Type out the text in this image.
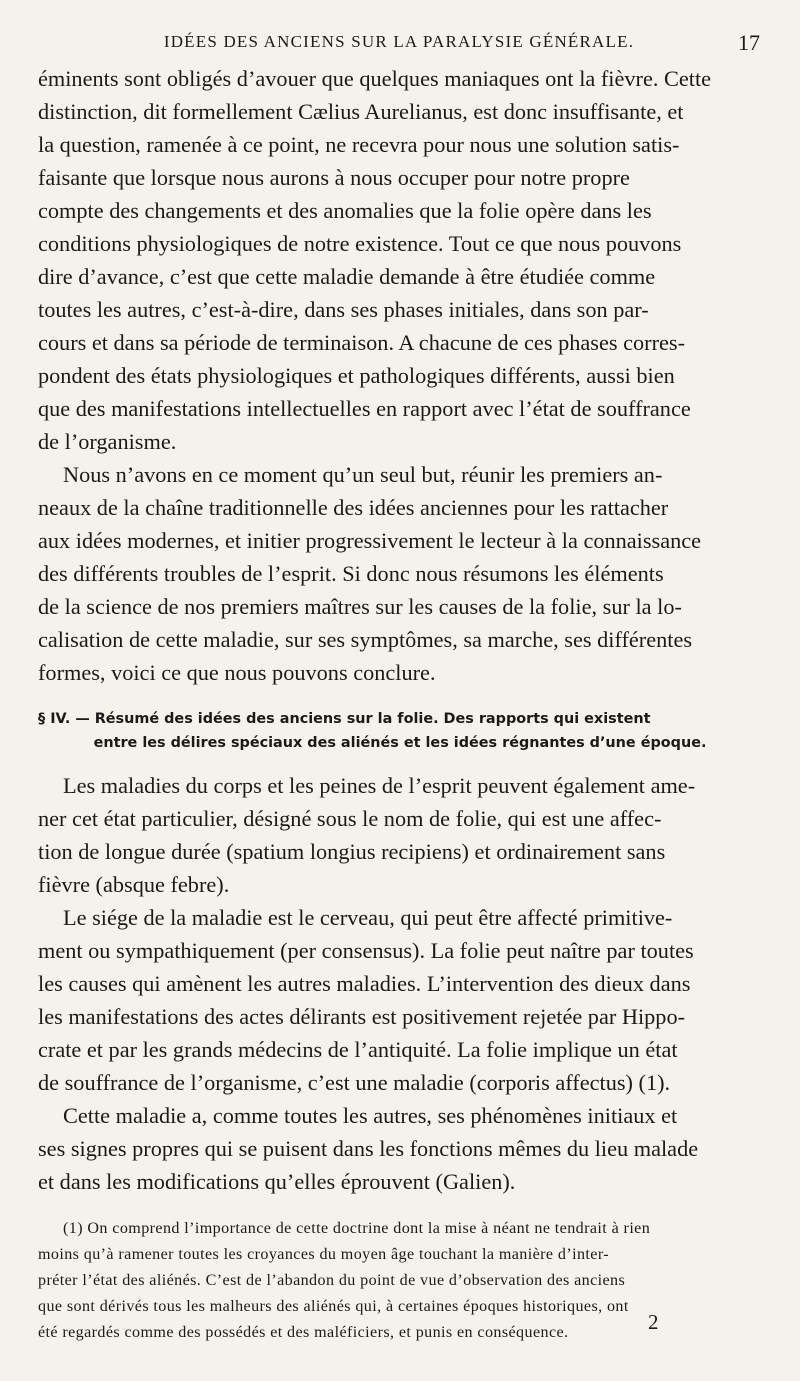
IDÉES DES ANCIENS SUR LA PARALYSIE GÉNÉRALE.	17

éminents sont obligés d’avouer que quelques maniaques ont la fièvre. Cette
distinction, dit formellement Cælius Aurelianus, est donc insuffisante, et
la question, ramenée à ce point, ne recevra pour nous une solution satis-
faisante que lorsque nous aurons à nous occuper pour notre propre
compte des changements et des anomalies que la folie opère dans les
conditions physiologiques de notre existence. Tout ce que nous pouvons
dire d’avance, c’est que cette maladie demande à être étudiée comme
toutes les autres, c’est-à-dire, dans ses phases initiales, dans son par-
cours et dans sa période de terminaison. A chacune de ces phases corres-
pondent des états physiologiques et pathologiques différents, aussi bien
que des manifestations intellectuelles en rapport avec l’état de souffrance
de l’organisme.

Nous n’avons en ce moment qu’un seul but, réunir les premiers an-
neaux de la chaîne traditionnelle des idées anciennes pour les rattacher
aux idées modernes, et initier progressivement le lecteur à la connaissance
des différents troubles de l’esprit. Si donc nous résumons les éléments
de la science de nos premiers maîtres sur les causes de la folie, sur la lo-
calisation de cette maladie, sur ses symptômes, sa marche, ses différentes
formes, voici ce que nous pouvons conclure.

§ IV. — Résumé des idées des anciens sur la folie. Des rapports qui existent
entre les délires spéciaux des aliénés et les idées régnantes d’une époque.

Les maladies du corps et les peines de l’esprit peuvent également ame-
ner cet état particulier, désigné sous le nom de folie, qui est une affec-
tion de longue durée (spatium longius recipiens) et ordinairement sans
fièvre (absque febre).

Le siége de la maladie est le cerveau, qui peut être affecté primitive-
ment ou sympathiquement (per consensus). La folie peut naître par toutes
les causes qui amènent les autres maladies. L’intervention des dieux dans
les manifestations des actes délirants est positivement rejetée par Hippo-
crate et par les grands médecins de l’antiquité. La folie implique un état
de souffrance de l’organisme, c’est une maladie (corporis affectus) (1).

Cette maladie a, comme toutes les autres, ses phénomènes initiaux et
ses signes propres qui se puisent dans les fonctions mêmes du lieu malade
et dans les modifications qu’elles éprouvent (Galien).

(1) On comprend l’importance de cette doctrine dont la mise à néant ne tendrait à rien
moins qu’à ramener toutes les croyances du moyen âge touchant la manière d’inter-
préter l’état des aliénés. C’est de l’abandon du point de vue d’observation des anciens
que sont dérivés tous les malheurs des aliénés qui, à certaines époques historiques, ont
été regardés comme des possédés et des maléficiers, et punis en conséquence.	2
